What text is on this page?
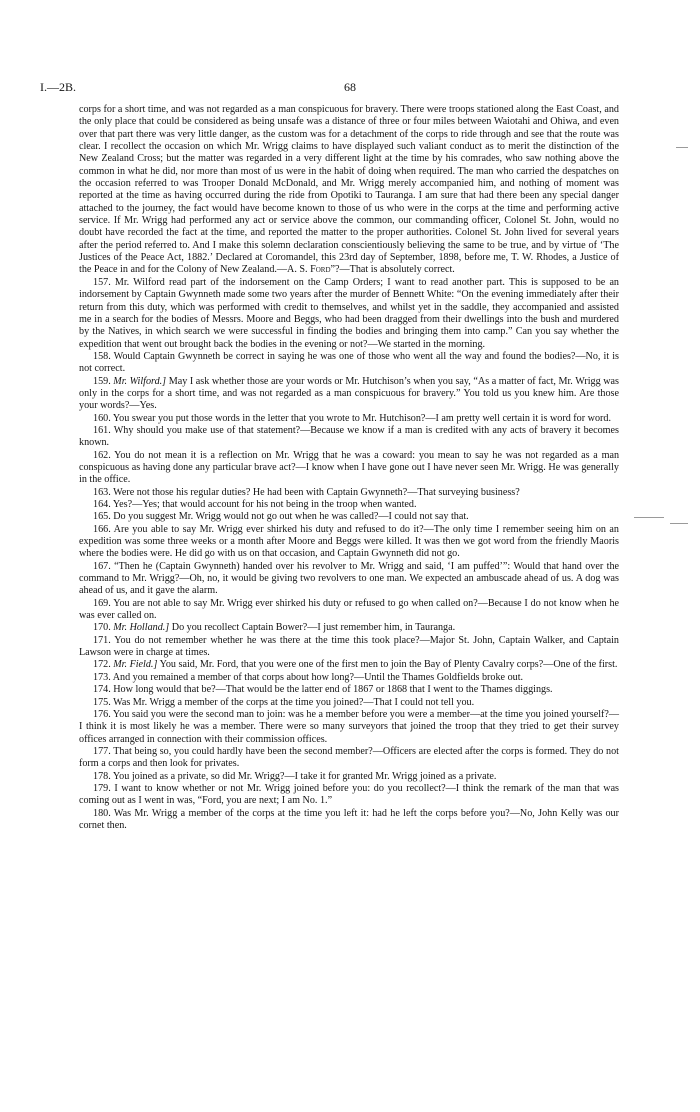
I.—2B.	68

corps for a short time, and was not regarded as a man conspicuous for bravery. There were troops stationed along the East Coast, and the only place that could be considered as being unsafe was a distance of three or four miles between Waiotahi and Ohiwa, and even over that part there was very little danger, as the custom was for a detachment of the corps to ride through and see that the route was clear. I recollect the occasion on which Mr. Wrigg claims to have displayed such valiant conduct as to merit the distinction of the New Zealand Cross; but the matter was regarded in a very different light at the time by his comrades, who saw nothing above the common in what he did, nor more than most of us were in the habit of doing when required. The man who carried the despatches on the occasion referred to was Trooper Donald McDonald, and Mr. Wrigg merely accompanied him, and nothing of moment was reported at the time as having occurred during the ride from Opotiki to Tauranga. I am sure that had there been any special danger attached to the journey, the fact would have become known to those of us who were in the corps at the time and performing active service. If Mr. Wrigg had performed any act or service above the common, our commanding officer, Colonel St. John, would no doubt have recorded the fact at the time, and reported the matter to the proper authorities. Colonel St. John lived for several years after the period referred to. And I make this solemn declaration conscientiously believing the same to be true, and by virtue of ‘The Justices of the Peace Act, 1882.’ Declared at Coromandel, this 23rd day of September, 1898, before me, T. W. Rhodes, a Justice of the Peace in and for the Colony of New Zealand.—A. S. Ford”?—That is absolutely correct.

157. Mr. Wilford read part of the indorsement on the Camp Orders; I want to read another part. This is supposed to be an indorsement by Captain Gwynneth made some two years after the murder of Bennett White: “On the evening immediately after their return from this duty, which was performed with credit to themselves, and whilst yet in the saddle, they accompanied and assisted me in a search for the bodies of Messrs. Moore and Beggs, who had been dragged from their dwellings into the bush and murdered by the Natives, in which search we were successful in finding the bodies and bringing them into camp.” Can you say whether the expedition that went out brought back the bodies in the evening or not?—We started in the morning.

158. Would Captain Gwynneth be correct in saying he was one of those who went all the way and found the bodies?—No, it is not correct.

159. Mr. Wilford.] May I ask whether those are your words or Mr. Hutchison’s when you say, “As a matter of fact, Mr. Wrigg was only in the corps for a short time, and was not regarded as a man conspicuous for bravery.” You told us you knew him. Are those your words?—Yes.

160. You swear you put those words in the letter that you wrote to Mr. Hutchison?—I am pretty well certain it is word for word.

161. Why should you make use of that statement?—Because we know if a man is credited with any acts of bravery it becomes known.

162. You do not mean it is a reflection on Mr. Wrigg that he was a coward: you mean to say he was not regarded as a man conspicuous as having done any particular brave act?—I know when I have gone out I have never seen Mr. Wrigg. He was generally in the office.

163. Were not those his regular duties? He had been with Captain Gwynneth?—That surveying business?

164. Yes?—Yes; that would account for his not being in the troop when wanted.

165. Do you suggest Mr. Wrigg would not go out when he was called?—I could not say that.

166. Are you able to say Mr. Wrigg ever shirked his duty and refused to do it?—The only time I remember seeing him on an expedition was some three weeks or a month after Moore and Beggs were killed. It was then we got word from the friendly Maoris where the bodies were. He did go with us on that occasion, and Captain Gwynneth did not go.

167. “Then he (Captain Gwynneth) handed over his revolver to Mr. Wrigg and said, ‘I am puffed’”: Would that hand over the command to Mr. Wrigg?—Oh, no, it would be giving two revolvers to one man. We expected an ambuscade ahead of us. A dog was ahead of us, and it gave the alarm.

169. You are not able to say Mr. Wrigg ever shirked his duty or refused to go when called on?—Because I do not know when he was ever called on.

170. Mr. Holland.] Do you recollect Captain Bower?—I just remember him, in Tauranga.

171. You do not remember whether he was there at the time this took place?—Major St. John, Captain Walker, and Captain Lawson were in charge at times.

172. Mr. Field.] You said, Mr. Ford, that you were one of the first men to join the Bay of Plenty Cavalry corps?—One of the first.

173. And you remained a member of that corps about how long?—Until the Thames Goldfields broke out.

174. How long would that be?—That would be the latter end of 1867 or 1868 that I went to the Thames diggings.

175. Was Mr. Wrigg a member of the corps at the time you joined?—That I could not tell you.

176. You said you were the second man to join: was he a member before you were a member—at the time you joined yourself?—I think it is most likely he was a member. There were so many surveyors that joined the troop that they tried to get their survey offices arranged in connection with their commission offices.

177. That being so, you could hardly have been the second member?—Officers are elected after the corps is formed. They do not form a corps and then look for privates.

178. You joined as a private, so did Mr. Wrigg?—I take it for granted Mr. Wrigg joined as a private.

179. I want to know whether or not Mr. Wrigg joined before you: do you recollect?—I think the remark of the man that was coming out as I went in was, “Ford, you are next; I am No. 1.”

180. Was Mr. Wrigg a member of the corps at the time you left it: had he left the corps before you?—No, John Kelly was our cornet then.
